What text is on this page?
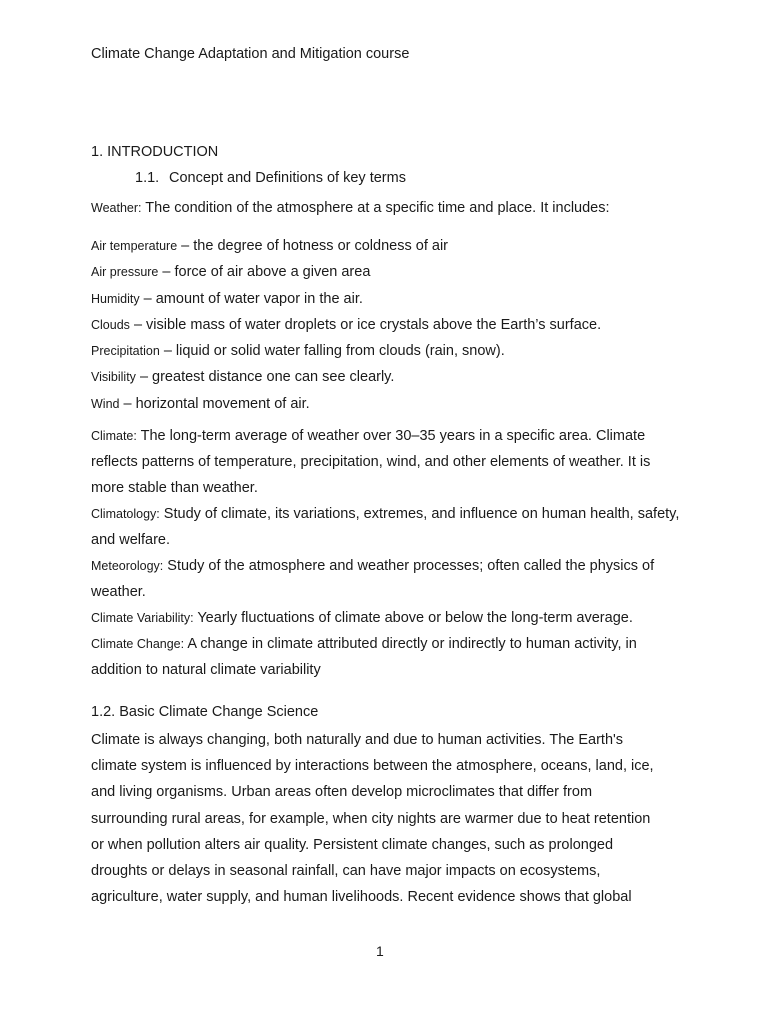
Climate Change Adaptation and Mitigation course
1. INTRODUCTION
1.1. Concept and Definitions of key terms
Weather: The condition of the atmosphere at a specific time and place. It includes:
Air temperature – the degree of hotness or coldness of air
Air pressure – force of air above a given area
Humidity – amount of water vapor in the air.
Clouds – visible mass of water droplets or ice crystals above the Earth’s surface.
Precipitation – liquid or solid water falling from clouds (rain, snow).
Visibility – greatest distance one can see clearly.
Wind – horizontal movement of air.
Climate: The long-term average of weather over 30–35 years in a specific area. Climate reflects patterns of temperature, precipitation, wind, and other elements of weather. It is more stable than weather.
Climatology: Study of climate, its variations, extremes, and influence on human health, safety, and welfare.
Meteorology: Study of the atmosphere and weather processes; often called the physics of weather.
Climate Variability: Yearly fluctuations of climate above or below the long-term average.
Climate Change: A change in climate attributed directly or indirectly to human activity, in addition to natural climate variability
1.2. Basic Climate Change Science
Climate is always changing, both naturally and due to human activities. The Earth's
climate system is influenced by interactions between the atmosphere, oceans, land, ice,
and living organisms. Urban areas often develop microclimates that differ from
surrounding rural areas, for example, when city nights are warmer due to heat retention
or when pollution alters air quality. Persistent climate changes, such as prolonged
droughts or delays in seasonal rainfall, can have major impacts on ecosystems,
agriculture, water supply, and human livelihoods. Recent evidence shows that global
1
